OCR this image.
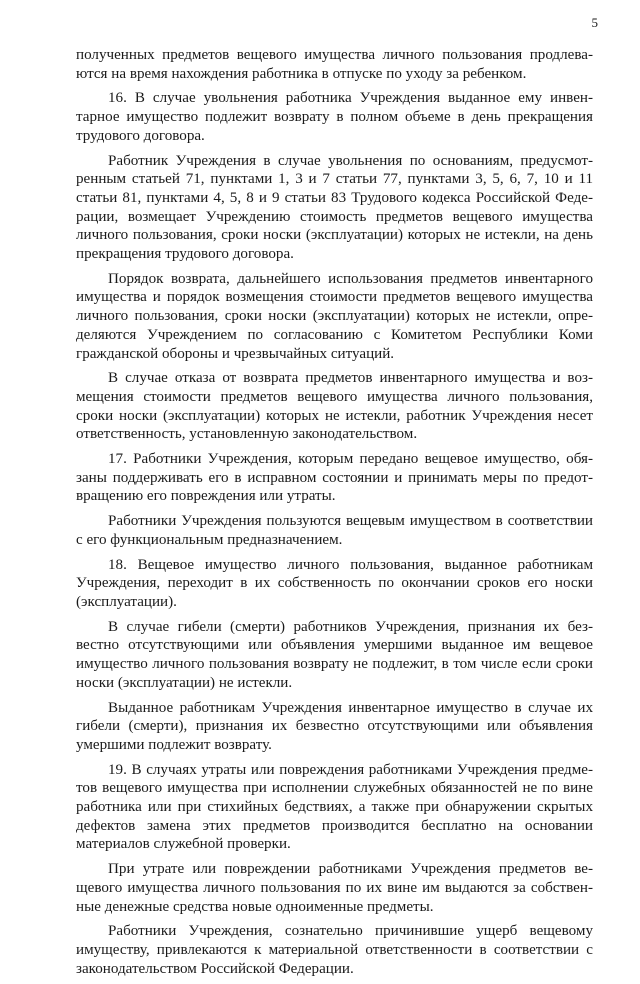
5

полученных предметов вещевого имущества личного пользования продлеваются на время нахождения работника в отпуске по уходу за ребенком.

16. В случае увольнения работника Учреждения выданное ему инвентарное имущество подлежит возврату в полном объеме в день прекращения трудового договора.

Работник Учреждения в случае увольнения по основаниям, предусмотренным статьей 71, пунктами 1, 3 и 7 статьи 77, пунктами 3, 5, 6, 7, 10 и 11 статьи 81, пунктами 4, 5, 8 и 9 статьи 83 Трудового кодекса Российской Федерации, возмещает Учреждению стоимость предметов вещевого имущества личного пользования, сроки носки (эксплуатации) которых не истекли, на день прекращения трудового договора.

Порядок возврата, дальнейшего использования предметов инвентарного имущества и порядок возмещения стоимости предметов вещевого имущества личного пользования, сроки носки (эксплуатации) которых не истекли, определяются Учреждением по согласованию с Комитетом Республики Коми гражданской обороны и чрезвычайных ситуаций.

В случае отказа от возврата предметов инвентарного имущества и возмещения стоимости предметов вещевого имущества личного пользования, сроки носки (эксплуатации) которых не истекли, работник Учреждения несет ответственность, установленную законодательством.

17. Работники Учреждения, которым передано вещевое имущество, обязаны поддерживать его в исправном состоянии и принимать меры по предотвращению его повреждения или утраты.

Работники Учреждения пользуются вещевым имуществом в соответствии с его функциональным предназначением.

18. Вещевое имущество личного пользования, выданное работникам Учреждения, переходит в их собственность по окончании сроков его носки (эксплуатации).

В случае гибели (смерти) работников Учреждения, признания их безвестно отсутствующими или объявления умершими выданное им вещевое имущество личного пользования возврату не подлежит, в том числе если сроки носки (эксплуатации) не истекли.

Выданное работникам Учреждения инвентарное имущество в случае их гибели (смерти), признания их безвестно отсутствующими или объявления умершими подлежит возврату.

19. В случаях утраты или повреждения работниками Учреждения предметов вещевого имущества при исполнении служебных обязанностей не по вине работника или при стихийных бедствиях, а также при обнаружении скрытых дефектов замена этих предметов производится бесплатно на основании материалов служебной проверки.

При утрате или повреждении работниками Учреждения предметов вещевого имущества личного пользования по их вине им выдаются за собственные денежные средства новые одноименные предметы.

Работники Учреждения, сознательно причинившие ущерб вещевому имуществу, привлекаются к материальной ответственности в соответствии с законодательством Российской Федерации.
